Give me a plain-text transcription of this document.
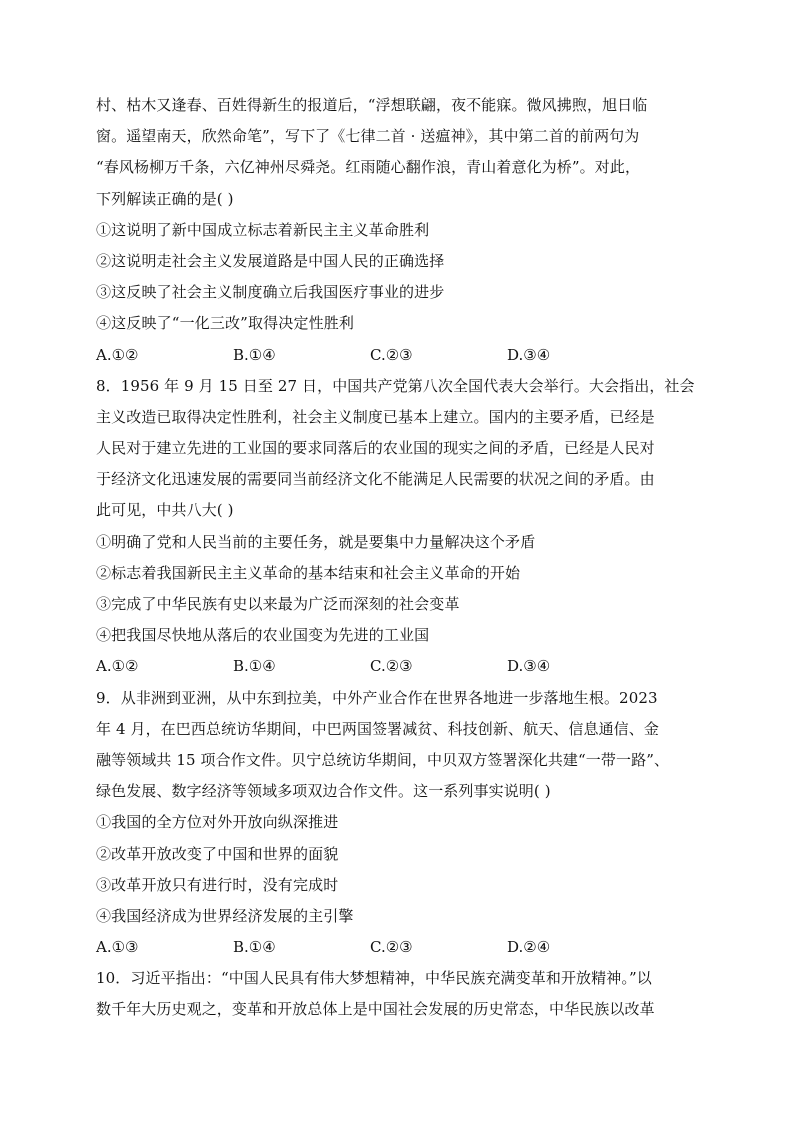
村、枯木又逢春、百姓得新生的报道后，“浮想联翩，夜不能寐。微风拂煦，旭日临
窗。遥望南天，欣然命笔”，写下了《七律二首 · 送瘟神》，其中第二首的前两句为
“春风杨柳万千条，六亿神州尽舜尧。红雨随心翻作浪，青山着意化为桥”。对此，
下列解读正确的是( )
①这说明了新中国成立标志着新民主主义革命胜利
②这说明走社会主义发展道路是中国人民的正确选择
③这反映了社会主义制度确立后我国医疗事业的进步
④这反映了“一化三改”取得决定性胜利
A.①②	B.①④	C.②③	D.③④
8．1956 年 9 月 15 日至 27 日，中国共产党第八次全国代表大会举行。大会指出，社会
主义改造已取得决定性胜利，社会主义制度已基本上建立。国内的主要矛盾，已经是
人民对于建立先进的工业国的要求同落后的农业国的现实之间的矛盾，已经是人民对
于经济文化迅速发展的需要同当前经济文化不能满足人民需要的状况之间的矛盾。由
此可见，中共八大( )
①明确了党和人民当前的主要任务，就是要集中力量解决这个矛盾
②标志着我国新民主主义革命的基本结束和社会主义革命的开始
③完成了中华民族有史以来最为广泛而深刻的社会变革
④把我国尽快地从落后的农业国变为先进的工业国
A.①②	B.①④	C.②③	D.③④
9．从非洲到亚洲，从中东到拉美，中外产业合作在世界各地进一步落地生根。2023
年 4 月，在巴西总统访华期间，中巴两国签署减贫、科技创新、航天、信息通信、金
融等领域共 15 项合作文件。贝宁总统访华期间，中贝双方签署深化共建“一带一路”、
绿色发展、数字经济等领域多项双边合作文件。这一系列事实说明( )
①我国的全方位对外开放向纵深推进
②改革开放改变了中国和世界的面貌
③改革开放只有进行时，没有完成时
④我国经济成为世界经济发展的主引擎
A.①③	B.①④	C.②③	D.②④
10．习近平指出：“中国人民具有伟大梦想精神，中华民族充满变革和开放精神。”以
数千年大历史观之，变革和开放总体上是中国社会发展的历史常态，中华民族以改革
